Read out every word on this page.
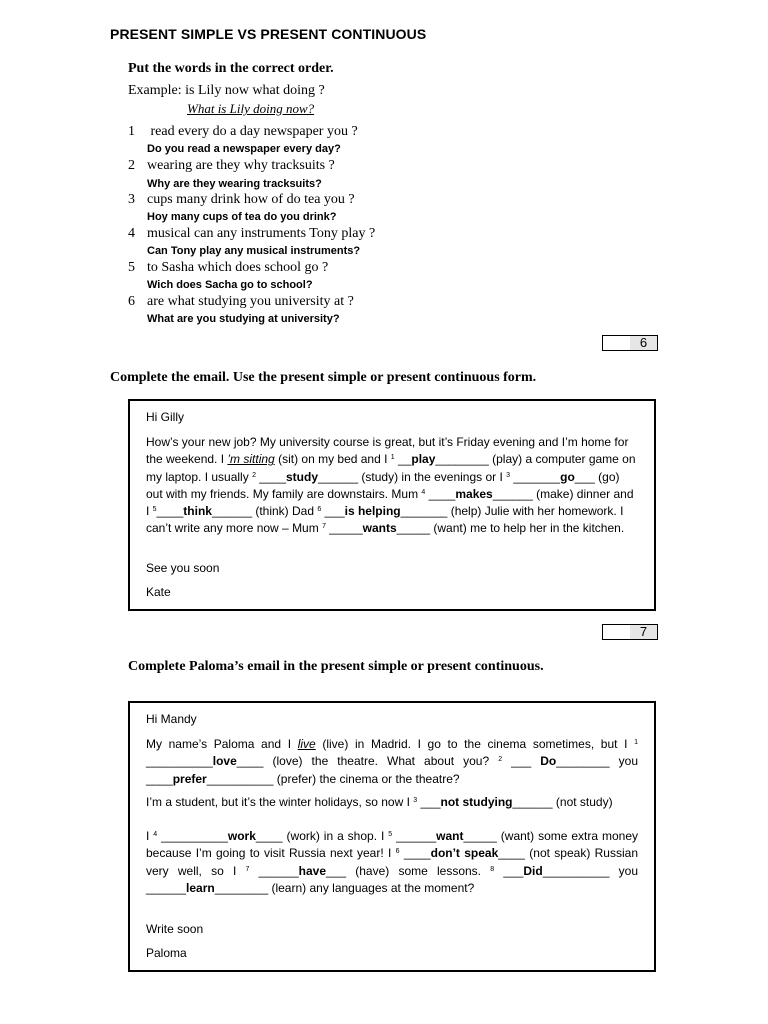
PRESENT SIMPLE VS PRESENT CONTINUOUS
Put the words in the correct order.
Example: is Lily now what doing ?
What is Lily doing now?
1 read every do a day newspaper you ?
Do you read a newspaper every day?
2 wearing are they why tracksuits ?
Why are they wearing tracksuits?
3 cups many drink how of do tea you ?
Hoy many cups of tea do you drink?
4 musical can any instruments Tony play ?
Can Tony play any musical instruments?
5 to Sasha which does school go ?
Wich does Sacha go to school?
6 are what studying you university at ?
What are you studying at university?
6
Complete the email. Use the present simple or present continuous form.

Hi Gilly

How’s your new job? My university course is great, but it’s Friday evening and I’m home for the weekend. I ’m sitting (sit) on my bed and I $^1$ __play________ (play) a computer game on my laptop. I usually $^2$ ____study______ (study) in the evenings or I $^3$ _______go___ (go) out with my friends. My family are downstairs. Mum $^4$ ____makes______ (make) dinner and I $^5$____think______ (think) Dad $^6$ ___is helping_______ (help) Julie with her homework. I can’t write any more now – Mum $^7$ _____wants_____ (want) me to help her in the kitchen.

See you soon

Kate

7
Complete Paloma’s email in the present simple or present continuous.

Hi Mandy

My name’s Paloma and I live (live) in Madrid. I go to the cinema sometimes, but I $^1$ __________love____ (love) the theatre. What about you? $^2$ ___ Do________ you ____prefer__________ (prefer) the cinema or the theatre?

I’m a student, but it’s the winter holidays, so now I $^3$ ___not studying______ (not study)

I $^4$ __________work____ (work) in a shop. I $^5$ ______want_____ (want) some extra money because I’m going to visit Russia next year! I $^6$ ____don’t speak____ (not speak) Russian very well, so I $^7$ ______have___ (have) some lessons. $^8$ ___Did__________ you ______learn________ (learn) any languages at the moment?

Write soon

Paloma
